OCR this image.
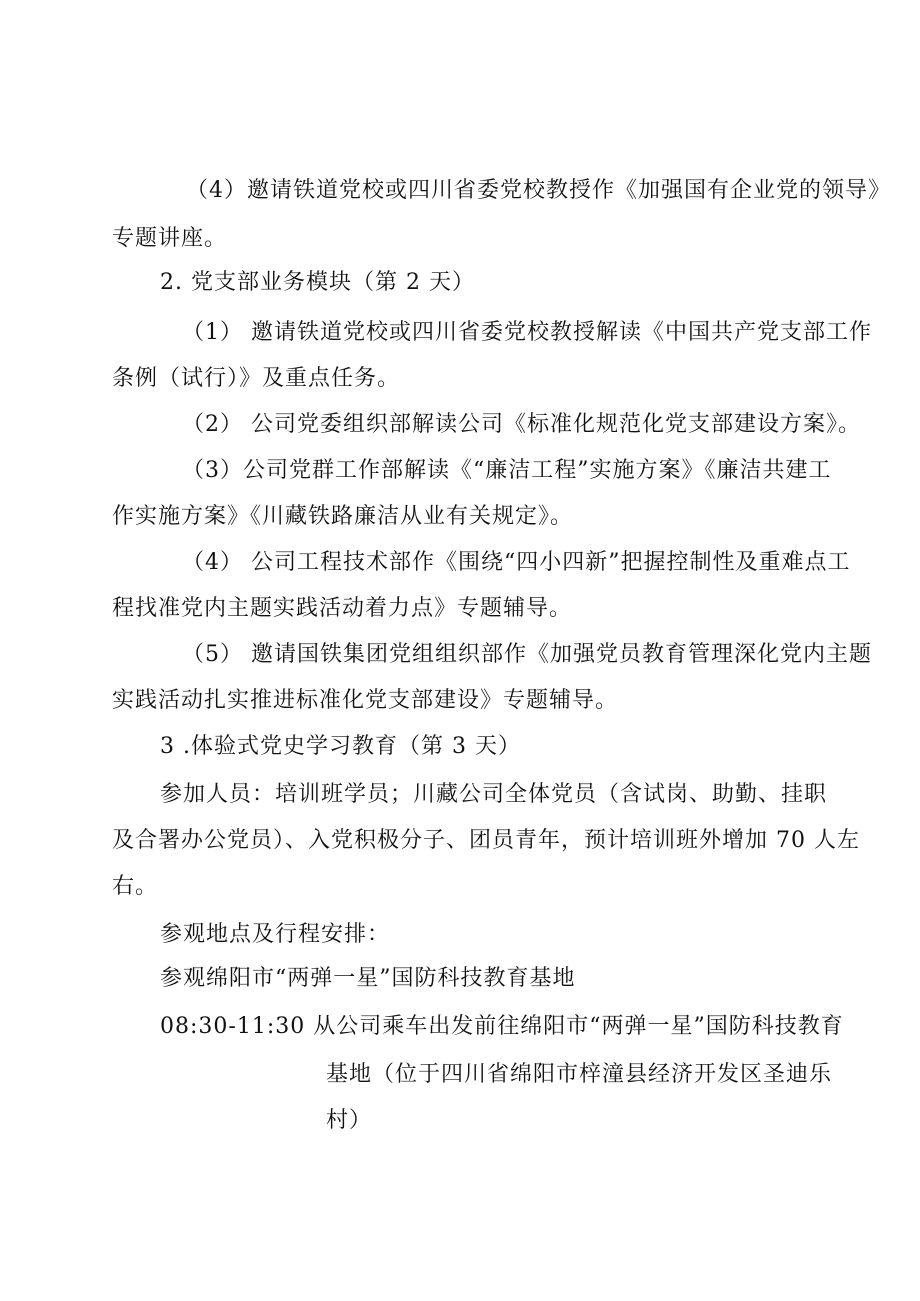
（4）邀请铁道党校或四川省委党校教授作《加强国有企业党的领导》
专题讲座。
2. 党支部业务模块（第 2 天）
（1） 邀请铁道党校或四川省委党校教授解读《中国共产党支部工作
条例（试行）》及重点任务。
（2） 公司党委组织部解读公司《标准化规范化党支部建设方案》。
（3）公司党群工作部解读《“廉洁工程”实施方案》《廉洁共建工
作实施方案》《川藏铁路廉洁从业有关规定》。
（4） 公司工程技术部作《围绕“四小四新”把握控制性及重难点工
程找准党内主题实践活动着力点》专题辅导。
（5） 邀请国铁集团党组组织部作《加强党员教育管理深化党内主题
实践活动扎实推进标准化党支部建设》专题辅导。
3 .体验式党史学习教育（第 3 天）
参加人员：培训班学员；川藏公司全体党员（含试岗、助勤、挂职
及合署办公党员）、入党积极分子、团员青年，预计培训班外增加 70 人左
右。
参观地点及行程安排：
参观绵阳市“两弹一星”国防科技教育基地
08:30-11:30 从公司乘车出发前往绵阳市“两弹一星”国防科技教育
基地（位于四川省绵阳市梓潼县经济开发区圣迪乐
村）
